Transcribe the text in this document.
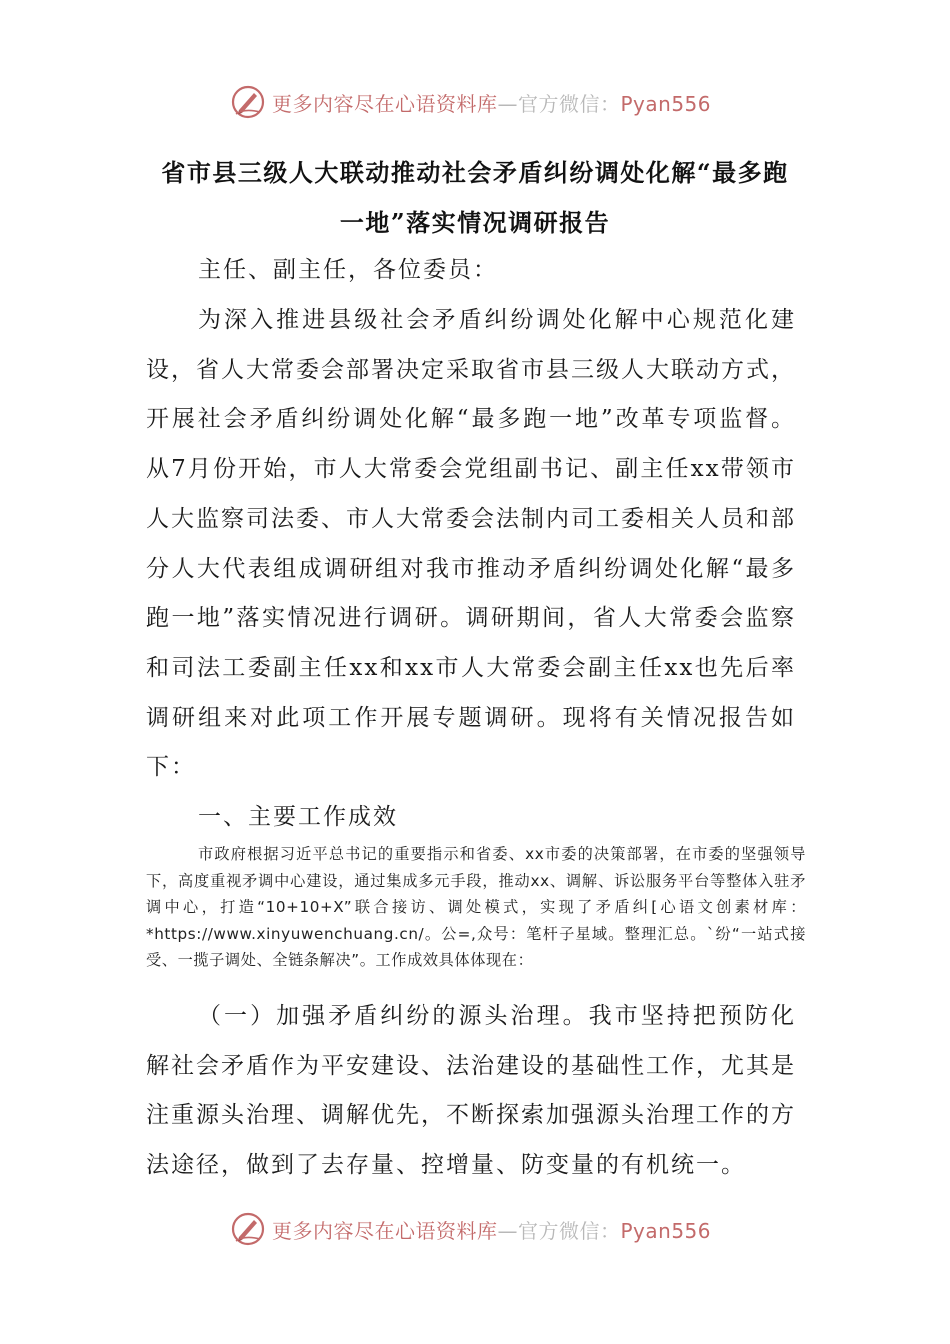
更多内容尽在心语资料库—官方微信：Pyan556
省市县三级人大联动推动社会矛盾纠纷调处化解“最多跑
一地”落实情况调研报告
主任、副主任，各位委员：
为深入推进县级社会矛盾纠纷调处化解中心规范化建设，省人大常委会部署决定采取省市县三级人大联动方式，开展社会矛盾纠纷调处化解“最多跑一地”改革专项监督。从7月份开始，市人大常委会党组副书记、副主任xx带领市人大监察司法委、市人大常委会法制内司工委相关人员和部分人大代表组成调研组对我市推动矛盾纠纷调处化解“最多跑一地”落实情况进行调研。调研期间，省人大常委会监察和司法工委副主任xx和xx市人大常委会副主任xx也先后率调研组来对此项工作开展专题调研。现将有关情况报告如下：
一、主要工作成效
市政府根据习近平总书记的重要指示和省委、xx市委的决策部署，在市委的坚强领导下，高度重视矛调中心建设，通过集成多元手段，推动xx、调解、诉讼服务平台等整体入驻矛调中心，打造“10+10+X”联合接访、调处模式，实现了矛盾纠[心语文创素材库：*https://www.xinyuwenchuang.cn/。公=,众号：笔杆子星域。整理汇总。`纷“一站式接受、一揽子调处、全链条解决”。工作成效具体体现在：
（一）加强矛盾纠纷的源头治理。我市坚持把预防化解社会矛盾作为平安建设、法治建设的基础性工作，尤其是注重源头治理、调解优先，不断探索加强源头治理工作的方法途径，做到了去存量、控增量、防变量的有机统一。
更多内容尽在心语资料库—官方微信：Pyan556
